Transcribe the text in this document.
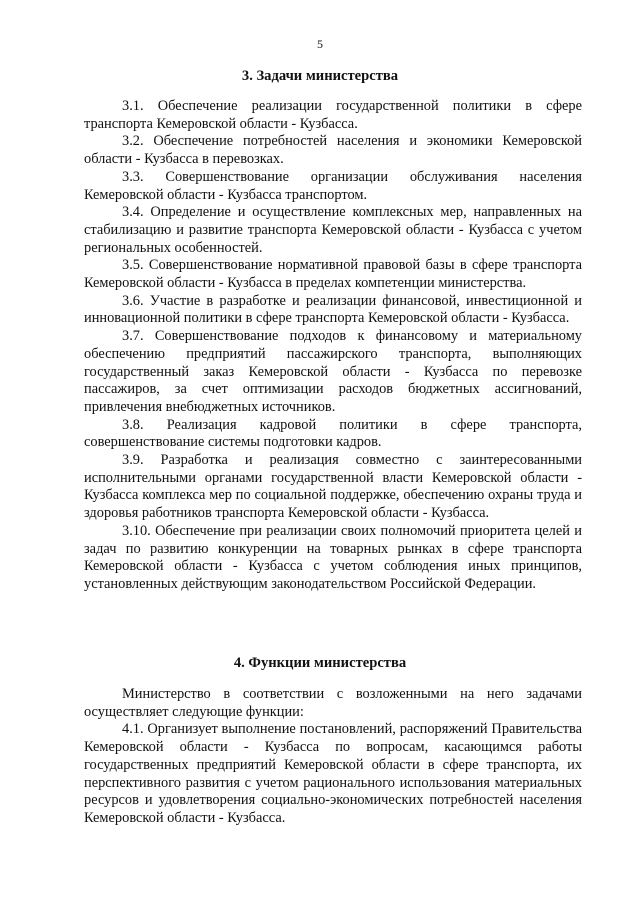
5
3. Задачи министерства

3.1. Обеспечение реализации государственной политики в сфере транспорта Кемеровской области - Кузбасса.

3.2. Обеспечение потребностей населения и экономики Кемеровской области - Кузбасса в перевозках.

3.3. Совершенствование организации обслуживания населения Кемеровской области - Кузбасса транспортом.

3.4. Определение и осуществление комплексных мер, направленных на стабилизацию и развитие транспорта Кемеровской области - Кузбасса с учетом региональных особенностей.

3.5. Совершенствование нормативной правовой базы в сфере транспорта Кемеровской области - Кузбасса в пределах компетенции министерства.

3.6. Участие в разработке и реализации финансовой, инвестиционной и инновационной политики в сфере транспорта Кемеровской области - Кузбасса.

3.7. Совершенствование подходов к финансовому и материальному обеспечению предприятий пассажирского транспорта, выполняющих государственный заказ Кемеровской области - Кузбасса по перевозке пассажиров, за счет оптимизации расходов бюджетных ассигнований, привлечения внебюджетных источников.

3.8. Реализация кадровой политики в сфере транспорта, совершенствование системы подготовки кадров.

3.9. Разработка и реализация совместно с заинтересованными исполнительными органами государственной власти Кемеровской области - Кузбасса комплекса мер по социальной поддержке, обеспечению охраны труда и здоровья работников транспорта Кемеровской области - Кузбасса.

3.10. Обеспечение при реализации своих полномочий приоритета целей и задач по развитию конкуренции на товарных рынках в сфере транспорта Кемеровской области - Кузбасса с учетом соблюдения иных принципов, установленных действующим законодательством Российской Федерации.

4. Функции министерства

Министерство в соответствии с возложенными на него задачами осуществляет следующие функции:

4.1. Организует выполнение постановлений, распоряжений Правительства Кемеровской области - Кузбасса по вопросам, касающимся работы государственных предприятий Кемеровской области в сфере транспорта, их перспективного развития с учетом рационального использования материальных ресурсов и удовлетворения социально-экономических потребностей населения Кемеровской области - Кузбасса.
